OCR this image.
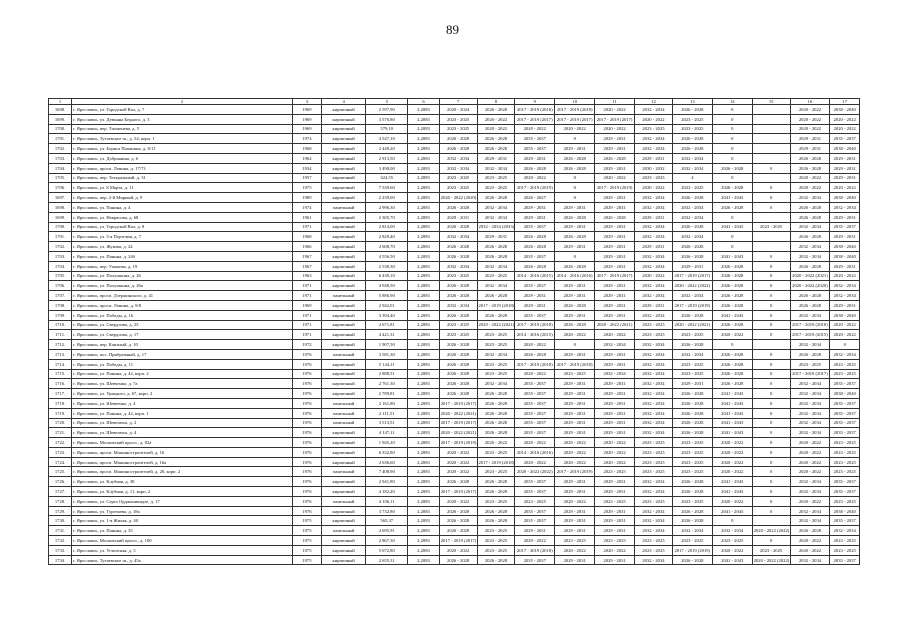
89
1	2	3	4	5	6	7	8	9	10	11	12	13	14	15	16	17
1698.	г. Ярославль, ул. Городской Вал, д. 7	1969	кирпичный	2 597,90	2,2083	2020 - 2024	2026 - 2028	2017 - 2019 (2016)	2017 - 2019 (2018)	2020 - 2022	2032 - 2034	2026 - 2028	0		2020 - 2022	2038 - 2040
1699.	г. Ярославль, ул. Демьяна Бедного, д. 3	1969	кирпичный	3 576,80	2,2083	2023 - 2025	2020 - 2022	2017 - 2019 (2017)	2017 - 2019 (2017)	2017 - 2019 (2017)	2020 - 2022	2023 - 2025	0		2020 - 2022	2020 - 2022
1700.	г. Ярославль, пер. Тихменева, д. 5	1969	кирпичный	579,10	2,2083	2023 - 2025	2020 - 2022	2020 - 2022	2020 - 2022	2020 - 2022	2023 - 2025	2023 - 2025	0		2020 - 2022	2020 - 2022
1701.	г. Ярославль, Тутаевское ш., д. 54, корп. 1	1974	кирпичный	4 547,10	2,2083	2026 - 2028	2026 - 2028	2035 - 2037	0	2029 - 2031	2032 - 2034	2026 - 2028	0		2029 - 2031	2035 - 2037
1702.	г. Ярославль, ул. Бориса Папанина, д. 8/11	1968	кирпичный	2 449,20	2,2083	2026 - 2028	2026 - 2028	2035 - 2037	2029 - 2031	2029 - 2031	2032 - 2034	2026 - 2028	0		2029 - 2031	2038 - 2040
1703.	г. Ярославль, ул. Добрынина, д. 6	1964	кирпичный	2 913,50	2,2083	2032 - 2034	2029 - 2031	2029 - 2031	2026 - 2028	2026 - 2028	2029 - 2031	2032 - 2034	0		2026 - 2028	2029 - 2031
1704.	г. Ярославль, просп. Ленина, д. 17/73	1934	кирпичный	3 498,00	2,2083	2032 - 2034	2032 - 2034	2026 - 2028	2026 - 2028	2029 - 2031	2030 - 2032	2032 - 2034	2026 - 2028	0	2026 - 2028	2029 - 2031
1705.	г. Ярославль, пер. Театральный, д. 31	1957	кирпичный	424,55	2,2083	2023 - 2025	2023 - 2025	2020 - 2022	0	2020 - 2022	2023 - 2025	4	0		2020 - 2022	2029 - 2031
1706.	г. Ярославль, ул. 8 Марта, д. 11	1975	кирпичный	7 539,60	2,2083	2023 - 2025	2023 - 2025	2017 - 2019 (2019)	0	2017 - 2019 (2019)	2020 - 2022	2023 - 2025	2026 - 2028	0	2020 - 2022	2020 - 2022
1697.	г. Ярославль, пер. 2-й Мирный, д. 9	1989	кирпичный	2 239,00	2,2083	2020 - 2022 (2020)	2026 - 2028	2026 - 2027	0	2029 - 2031	2032 - 2034	2026 - 2028	2041 - 2043	0	2032 - 2034	2038 - 2040
1698.	г. Ярославль, ул. Панина, д. 4	1974	панельный	2 996,30	2,2083	2026 - 2028	2032 - 2034	2029 - 2031	2029 - 2031	2029 - 2031	2032 - 2034	2032 - 2034	2026 - 2028	0	2026 - 2028	2032 - 2034
1699.	г. Ярославль, ул. Некрасова, д. 68	1961	кирпичный	2 305,70	2,2083	2029 - 2031	2032 - 2034	2029 - 2031	2026 - 2028	2026 - 2028	2029 - 2031	2032 - 2034	0		2026 - 2028	2029 - 2031
1700.	г. Ярославль, ул. Городской Вал, д. 8	1971	кирпичный	2 814,00	2,2083	2026 - 2028	2032 - 2034 (2033)	2035 - 2037	2029 - 2031	2029 - 2031	2032 - 2034	2026 - 2028	2041 - 2043	2023 - 2025	2032 - 2034	2035 - 2037
1701.	г. Ярославль, ул. 5-я Портовая, д. 7	1968	кирпичный	2 829,40	2,2083	2032 - 2034	2029 - 2031	2026 - 2028	2026 - 2028	2029 - 2031	2032 - 2034	2032 - 2034	0		2026 - 2028	2029 - 2031
1702.	г. Ярославль, ул. Жукова, д. 24	1966	кирпичный	2 608,70	2,2083	2026 - 2028	2026 - 2028	2026 - 2028	2029 - 2031	2029 - 2031	2029 - 2031	2026 - 2028	0		2032 - 2034	2038 - 2040
1703.	г. Ярославль, ул. Панина, д. 24б	1967	кирпичный	4 556,50	2,2083	2026 - 2028	2026 - 2028	2035 - 2037	0	2029 - 2031	2032 - 2034	2026 - 2028	2041 - 2043	0	2032 - 2034	2038 - 2040
1704.	г. Ярославль, пер. Ушакова, д. 19	1967	кирпичный	2 538,30	2,2083	2032 - 2034	2032 - 2034	2026 - 2028	2026 - 2028	2029 - 2031	2032 - 2034	2029 - 2031	2026 - 2028	0	2026 - 2028	2029 - 2031
1705.	г. Ярославль, ул. Полушкина, д. 26	1963	кирпичный	6 439,10	2,2083	2023 - 2025	2023 - 2025	2014 - 2016 (2015)	2014 - 2016 (2016)	2017 - 2019 (2017)	2020 - 2022	2017 - 2019 (2017)	2026 - 2028	0	2020 - 2022 (2021)	2020 - 2022
1706.	г. Ярославль, ул. Полушкина, д. 26а	1971	кирпичный	4 948,50	2,2083	2026 - 2028	2032 - 2034	2035 - 2037	2029 - 2031	2029 - 2031	2032 - 2034	2020 - 2022 (2022)	2026 - 2028	0	2020 - 2022 (2020)	2032 - 2034
1707.	г. Ярославль, просп. Дзержинского, д. 41	1971	панельный	5 886,90	2,2083	2026 - 2028	2026 - 2028	2029 - 2031	2029 - 2031	2029 - 2031	2032 - 2034	2032 - 2034	2026 - 2028	0	2026 - 2028	2032 - 2034
1708.	г. Ярославль, просп. Ленина, д. 9/8	1969	кирпичный	2 942,01	2,2083	2032 - 2034	2017 - 2019 (2018)	2029 - 2031	2026 - 2028	2029 - 2031	2029 - 2031	2017 - 2019 (2019)	2026 - 2028	0	2026 - 2028	2029 - 2031
1709.	г. Ярославль, ул. Победы, д. 16	1971	кирпичный	3 394,40	2,2083	2026 - 2028	2026 - 2028	2035 - 2037	2029 - 2031	2029 - 2031	2032 - 2034	2026 - 2028	2041 - 2043	0	2032 - 2034	2038 - 2040
1710.	г. Ярославль, ул. Свердлова, д. 25	1971	кирпичный	2 671,81	2,2083	2023 - 2025	2020 - 2022 (2021)	2017 - 2019 (2018)	2026 - 2028	2020 - 2022 (2021)	2023 - 2025	2020 - 2022 (2021)	2026 - 2028	0	2017 - 2019 (2018)	2020 - 2022
1711.	г. Ярославль, ул. Свердлова, д. 17	1971	кирпичный	4 421,31	2,2083	2023 - 2025	2023 - 2025	2014 - 2016 (2015)	2020 - 2022	2020 - 2022	2023 - 2025	2023 - 2025	2020 - 2022	0	2017 - 2019 (2015)	2020 - 2022
1712.	г. Ярославль, пер. Кантный, д. 10	1972	кирпичный	1 907,50	2,2083	2026 - 2028	2023 - 2025	2020 - 2022	0	2032 - 2034	2032 - 2034	2026 - 2028	0		2032 - 2034	0
1713.	г. Ярославль, пос. Прибрежный, д. 17	1976	панельный	3 581,30	2,2083	2026 - 2028	2032 - 2034	2026 - 2028	2029 - 2031	2029 - 2031	2032 - 2034	2032 - 2034	2026 - 2028	0	2026 - 2028	2032 - 2034
1714.	г. Ярославль, ул. Победы, д. 11	1976	кирпичный	5 144,11	2,2083	2026 - 2028	2023 - 2025	2017 - 2019 (2018)	2017 - 2019 (2018)	2029 - 2031	2032 - 2034	2023 - 2025	2026 - 2028	0	2023 - 2025	2023 - 2025
1715.	г. Ярославль, ул. Панина, д. 42, корп. 2	1976	кирпичный	2 888,51	2,2083	2026 - 2028	2023 - 2025	2020 - 2022	2023 - 2025	2032 - 2034	2032 - 2034	2023 - 2025	2026 - 2028	0	2017 - 2019 (2017)	2023 - 2025
1716.	г. Ярославль, ул. Шевченко, д. 7а	1976	кирпичный	2 761,30	2,2083	2026 - 2028	2032 - 2034	2035 - 2037	2029 - 2031	2029 - 2031	2032 - 2034	2029 - 2031	2026 - 2028	0	2032 - 2034	2035 - 2037
1717.	г. Ярославль, ул. Урицкого, д. 67, корп. 2	1976	кирпичный	2 789,81	2,2083	2026 - 2028	2026 - 2028	2035 - 2037	2029 - 2031	2029 - 2031	2032 - 2034	2026 - 2028	2041 - 2043	0	2032 - 2034	2038 - 2040
1718.	г. Ярославль, ул. Шевченко, д. 4	1976	панельный	2 161,80	2,2083	2017 - 2019 (2017)	2026 - 2028	2035 - 2037	2029 - 2031	2029 - 2031	2032 - 2034	2026 - 2028	2041 - 2043	0	2032 - 2034	2035 - 2037
1719.	г. Ярославль, ул. Панина, д. 42, корп. 1	1976	панельный	2 111,51	2,2083	2020 - 2022 (2021)	2026 - 2028	2035 - 2037	2029 - 2031	2029 - 2031	2032 - 2034	2026 - 2028	2041 - 2043	0	2032 - 2034	2035 - 2037
1720.	г. Ярославль, ул. Шевелюха, д. 2	1976	панельный	3 513,51	2,2083	2017 - 2019 (2017)	2026 - 2028	2035 - 2037	2029 - 2031	2029 - 2031	2032 - 2034	2026 - 2028	2041 - 2043	0	2032 - 2034	2035 - 2037
1721.	г. Ярославль, ул. Шевелюха, д. 4	1976	кирпичный	4 147,11	2,2083	2020 - 2022 (2021)	2026 - 2028	2035 - 2037	2029 - 2031	2029 - 2031	2032 - 2034	2026 - 2028	2041 - 2043	0	2032 - 2034	2035 - 2037
1722.	г. Ярославль, Московский просп., д. 82а	1976	кирпичный	1 945,20	2,2083	2017 - 2019 (2019)	2020 - 2022	2020 - 2022	2020 - 2022	2020 - 2022	2023 - 2025	2023 - 2025	2020 - 2022	0	2020 - 2022	2023 - 2025
1723.	г. Ярославль, просп. Машиностроителей, д. 16	1976	кирпичный	6 332,80	2,2083	2020 - 2022	2023 - 2025	2014 - 2016 (2016)	2020 - 2022	2020 - 2022	2023 - 2025	2023 - 2025	2020 - 2022	0	2020 - 2022	2023 - 2025
1724.	г. Ярославль, просп. Машиностроителей, д. 16а	1976	кирпичный	2 636,60	2,2083	2020 - 2022	2017 - 2019 (2018)	2020 - 2022	2020 - 2022	2020 - 2022	2023 - 2025	2023 - 2025	2020 - 2022	0	2020 - 2022	2023 - 2025
1725.	г. Ярославль, просп. Машиностроителей, д. 20, корп. 2	1976	панельный	7 408,90	2,2083	2020 - 2022	2023 - 2025	2020 - 2022 (2022)	2017 - 2019 (2019)	2023 - 2025	2023 - 2025	2023 - 2025	2020 - 2022	0	2020 - 2022	2023 - 2025
1726.	г. Ярославль, ул. Клубная, д. 38	1976	кирпичный	2 941,80	2,2083	2026 - 2028	2026 - 2028	2035 - 2037	2029 - 2031	2029 - 2031	2032 - 2034	2026 - 2028	2041 - 2043	0	2032 - 2034	2035 - 2037
1727.	г. Ярославль, ул. Клубная, д. 11, корп. 2	1976	кирпичный	4 182,20	2,2083	2017 - 2019 (2017)	2026 - 2028	2035 - 2037	2029 - 2031	2029 - 2031	2032 - 2034	2026 - 2028	2041 - 2043	0	2032 - 2034	2035 - 2037
1728.	г. Ярославль, ул. Серго Орджоникидзе, д. 17	1976	панельный	4 106,11	2,2083	2020 - 2022	2023 - 2025	2023 - 2025	2020 - 2022	2023 - 2025	2023 - 2025	2023 - 2025	2020 - 2022	0	2020 - 2022	2023 - 2025
1729.	г. Ярославль, ул. Тургенева, д. 18а	1976	кирпичный	3 732,80	2,2083	2026 - 2028	2026 - 2028	2035 - 2037	2029 - 2031	2029 - 2031	2032 - 2034	2026 - 2028	2041 - 2043	0	2032 - 2034	2038 - 2040
1730.	г. Ярославль, ул. 1-я Жилая, д. 40	1975	кирпичный	565,37	2,2083	2026 - 2028	2026 - 2028	2035 - 2037	2029 - 2031	2029 - 2031	2032 - 2034	2026 - 2028	0		2032 - 2034	2035 - 2037
1731.	г. Ярославль, ул. Панина, д. 35	1975	панельный	2 695,91	2,2083	2026 - 2028	2023 - 2025	2029 - 2031	2029 - 2031	2029 - 2031	2032 - 2034	2032 - 2034	2032 - 2034	2020 - 2022 (2022)	2026 - 2028	2032 - 2034
1732.	г. Ярославль, Московский просп., д. 100	1975	кирпичный	2 867,30	2,2083	2017 - 2019 (2017)	2023 - 2025	2020 - 2022	2023 - 2025	2023 - 2025	2023 - 2025	2023 - 2025	2023 - 2025	0	2020 - 2022	2023 - 2025
1733.	г. Ярославль, ул. Угличская, д. 5	1975	кирпичный	5 672,80	2,2083	2020 - 2022	2023 - 2025	2017 - 2019 (2018)	2020 - 2022	2020 - 2022	2023 - 2025	2017 - 2019 (2019)	2020 - 2022	2023 - 2025	2020 - 2022	2023 - 2025
1734.	г. Ярославль, Тутаевское ш., д. 45а	1975	кирпичный	2 655,31	2,2083	2026 - 2028	2026 - 2028	2035 - 2037	2029 - 2031	2029 - 2031	2032 - 2034	2026 - 2028	2041 - 2043	2020 - 2022 (2022)	2032 - 2034	2035 - 2037
